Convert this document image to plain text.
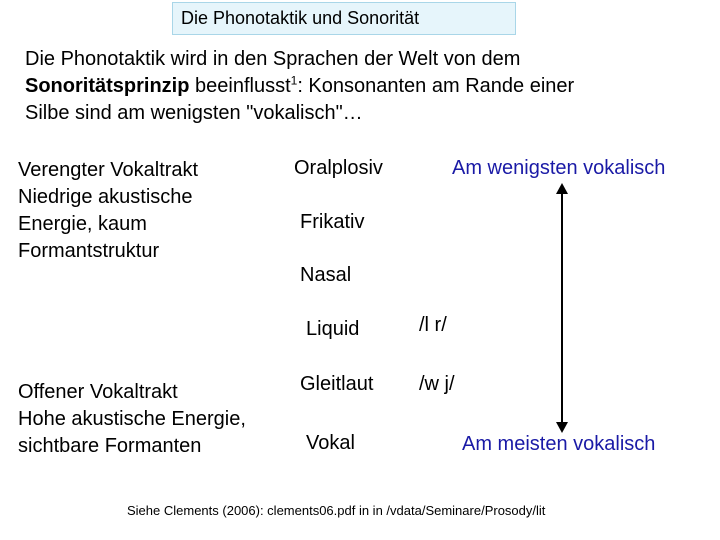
Die Phonotaktik und Sonorität
Die Phonotaktik wird in den Sprachen der Welt von dem
Sonoritätsprinzip beeinflusst$^1$: Konsonanten am Rande einer
Silbe sind am wenigsten "vokalisch"…
Verengter Vokaltrakt
Niedrige akustische
Energie, kaum
Formantstruktur
Offener Vokaltrakt
Hohe akustische Energie,
sichtbare Formanten
Oralplosiv
Frikativ
Nasal
Liquid
Gleitlaut
Vokal
/l r/
/w j/
Am wenigsten vokalisch
Am meisten vokalisch
Siehe Clements (2006): clements06.pdf in in /vdata/Seminare/Prosody/lit
